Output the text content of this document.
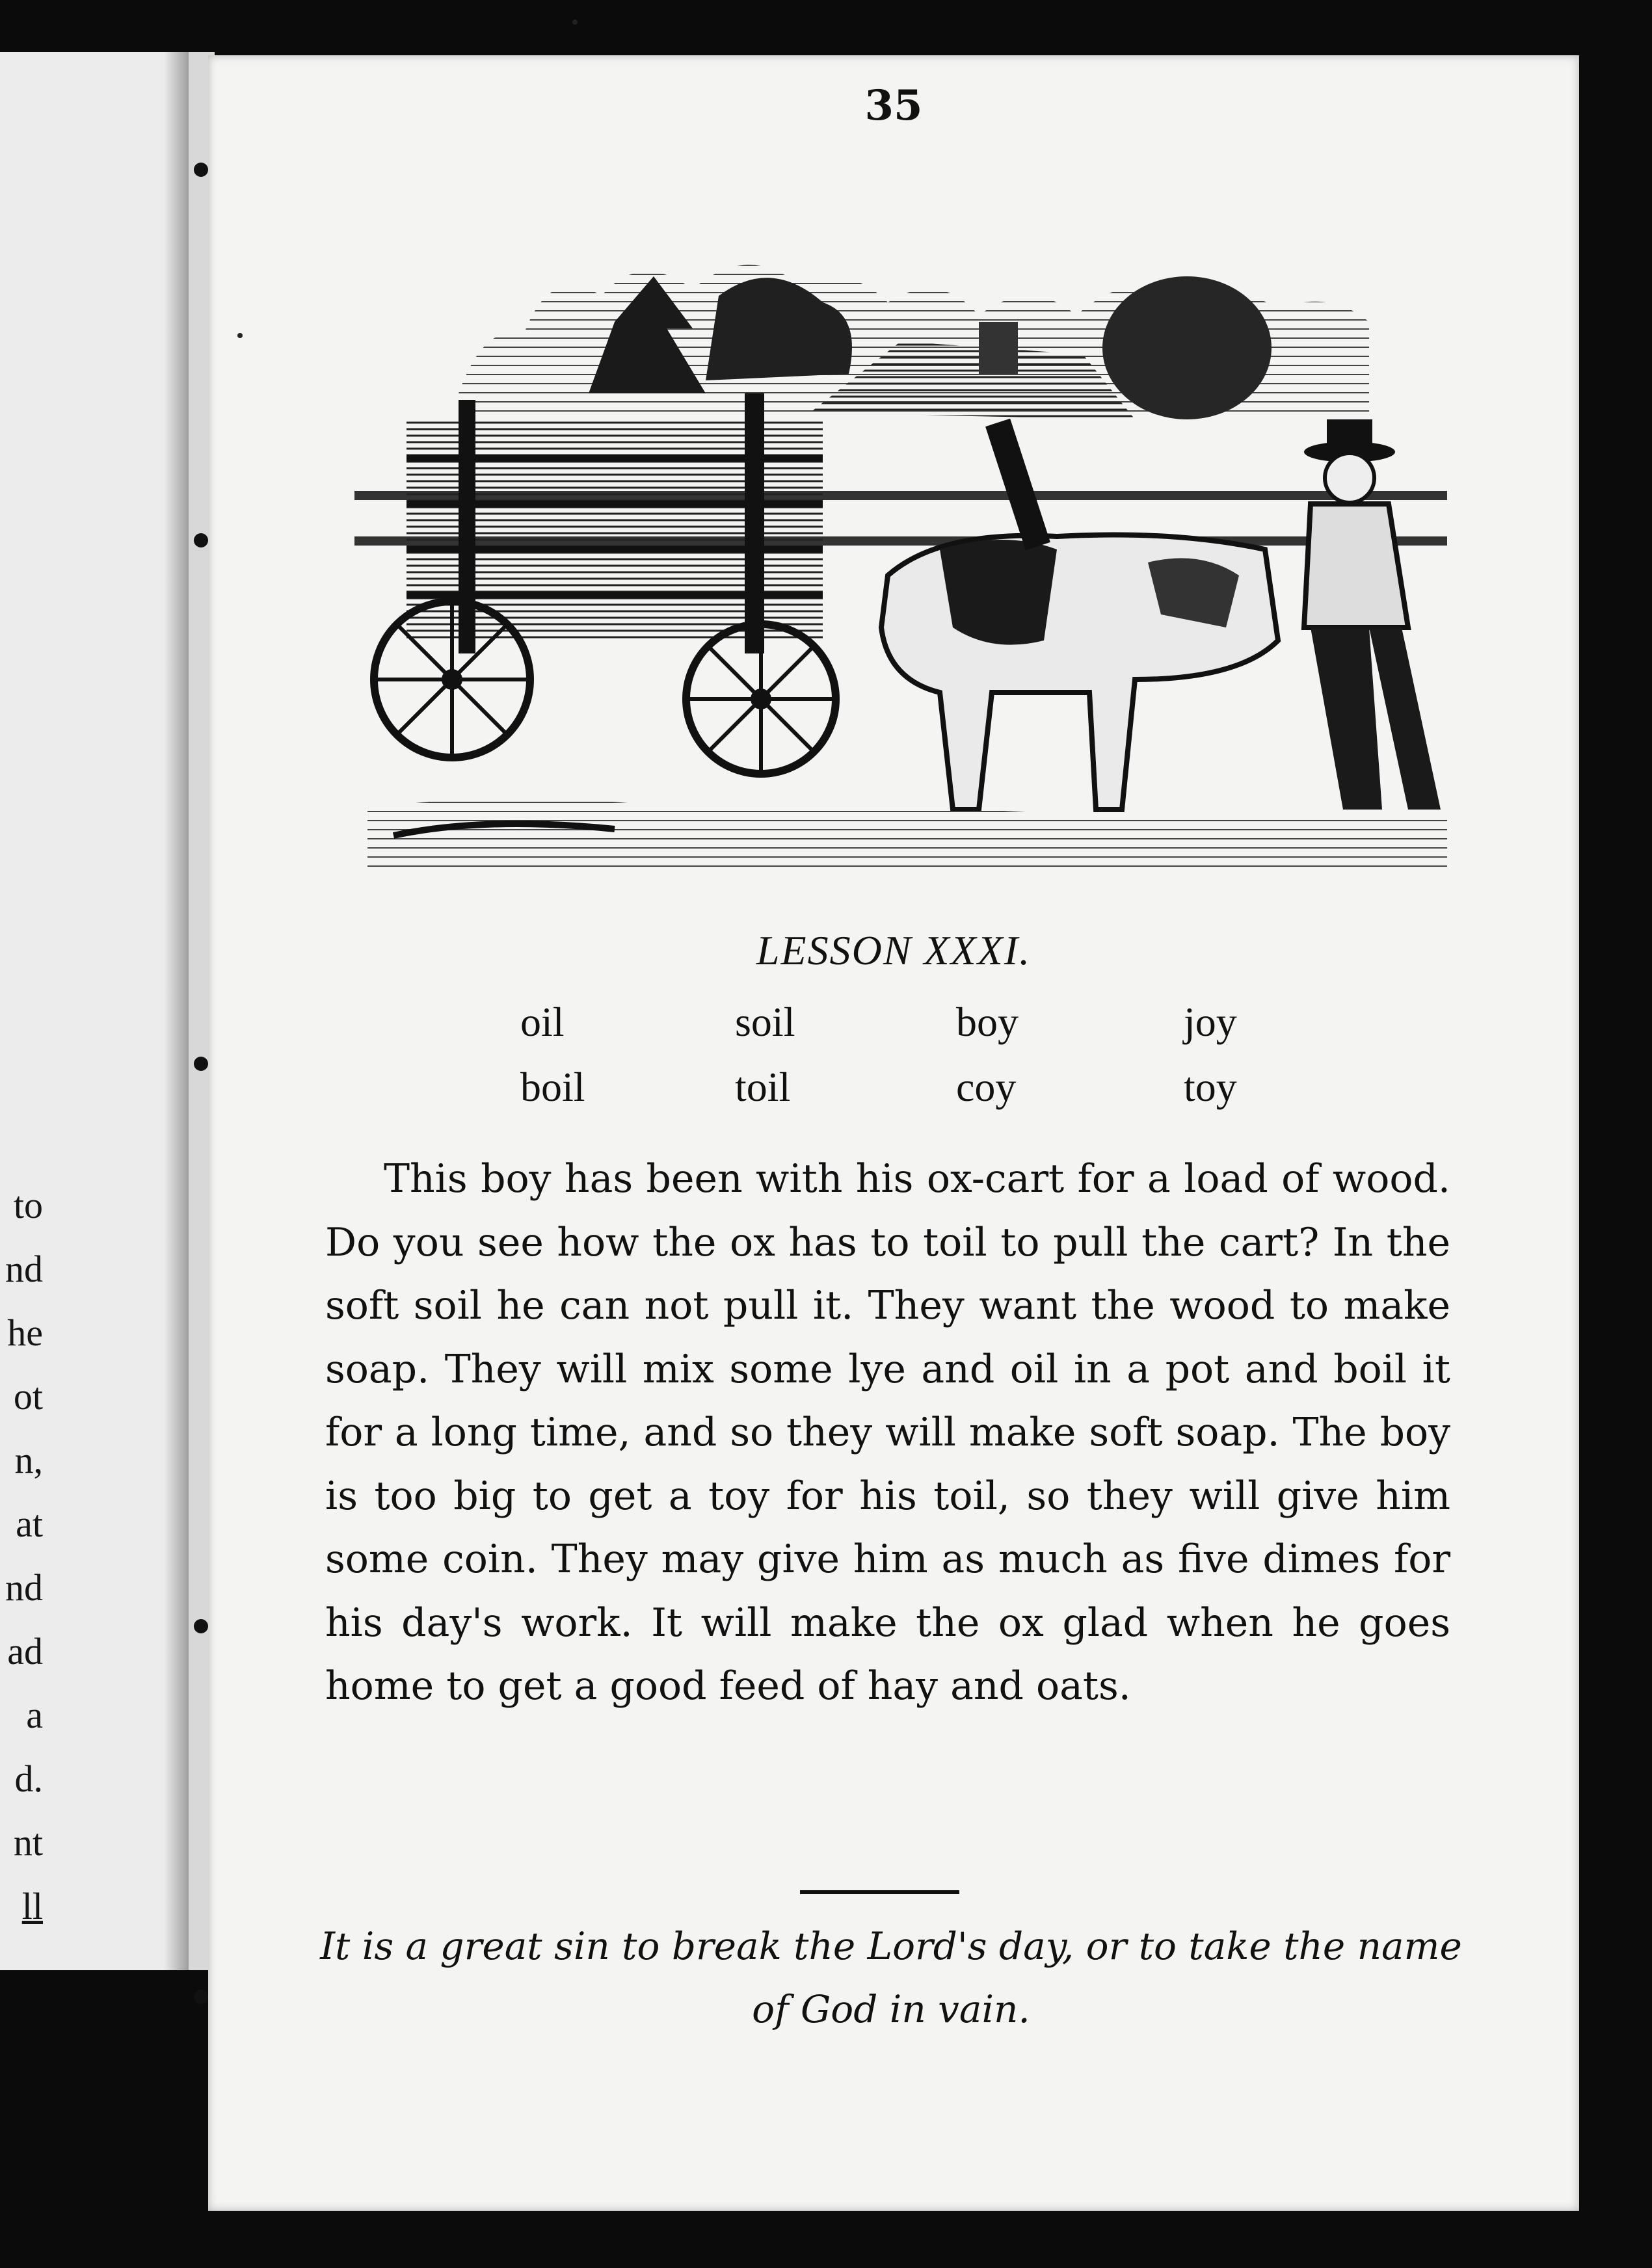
to
nd
he
ot
n,
at
nd
ad
a
d.
nt
ll
35
LESSON XXXI.
oil	soil	boy	joy
boil	toil	coy	toy

This boy has been with his ox-cart for a load of wood. Do you see how the ox has to toil to pull the cart? In the soft soil he can not pull it. They want the wood to make soap. They will mix some lye and oil in a pot and boil it for a long time, and so they will make soft soap. The boy is too big to get a toy for his toil, so they will give him some coin. They may give him as much as five dimes for his day's work. It will make the ox glad when he goes home to get a good feed of hay and oats.

It is a great sin to break the Lord's day, or to take the name of God in vain.
